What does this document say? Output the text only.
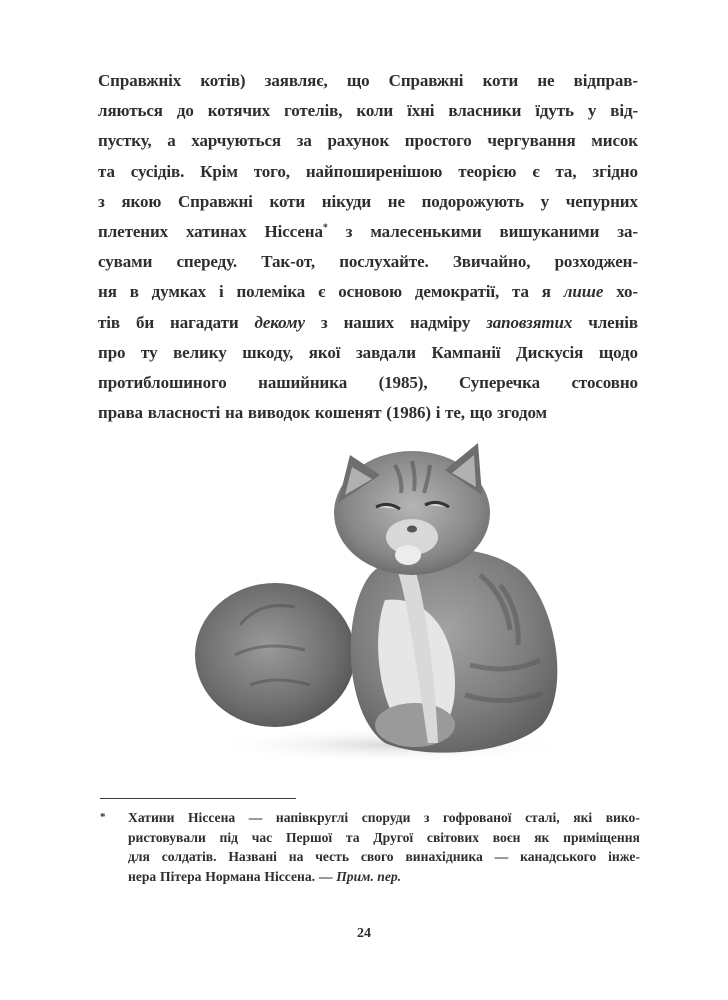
Справжніх котів) заявляє, що Справжні коти не відправ-
ляються до котячих готелів, коли їхні власники їдуть у від-
пустку, а харчуються за рахунок простого чергування мисок
та сусідів. Крім того, найпоширенішою теорією є та, згідно
з якою Справжні коти нікуди не подорожують у чепурних
плетених хатинах Ніссена* з малесенькими вишуканими за-
сувами спереду. Так-от, послухайте. Звичайно, розходжен-
ня в думках і полеміка є основою демократії, та я лише хо-
тів би нагадати декому з наших надміру заповзятих членів
про ту велику шкоду, якої завдали Кампанії Дискусія щодо
протиблошиного нашийника (1985), Суперечка стосовно
права власності на виводок кошенят (1986) і те, що згодом
* Хатини Ніссена — напівкруглі споруди з гофрованої сталі, які вико-
ристовували під час Першої та Другої світових воєн як приміщення
для солдатів. Названі на честь свого винахідника — канадського інже-
нера Пітера Нормана Ніссена. — Прим. пер.
24
